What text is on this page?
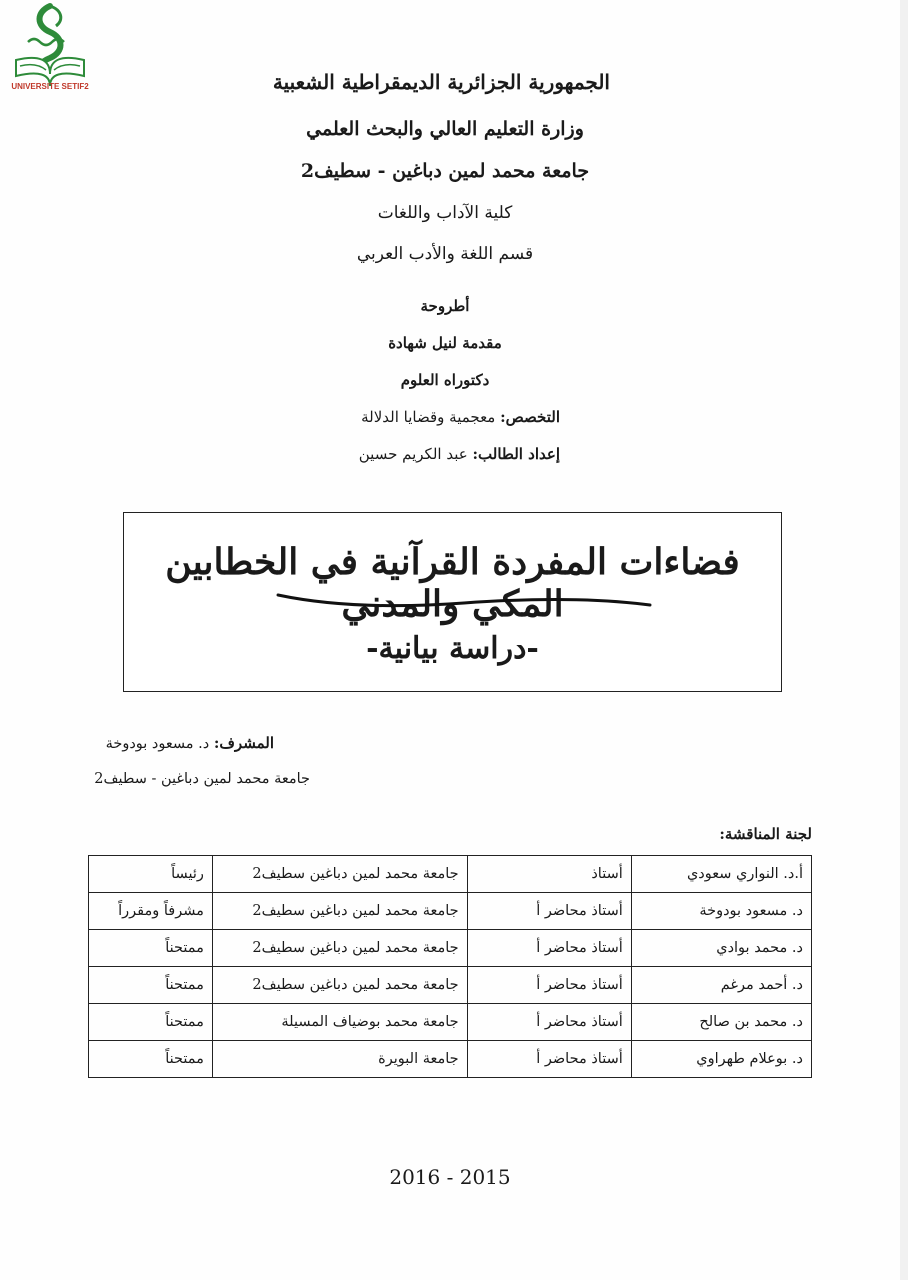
UNIVERSITE SETIF2	الجمهورية الجزائرية الديمقراطية الشعبية
وزارة التعليم العالي والبحث العلمي
جامعة محمد لمين دباغين - سطيف2
كلية الآداب واللغات
قسم اللغة والأدب العربي
أطروحة
مقدمة لنيل شهادة
دكتوراه العلوم
التخصص: معجمية وقضايا الدلالة
إعداد الطالب: عبد الكريم حسين
فضاءات المفردة القرآنية في الخطابين المكي والمدني
-دراسة بيانية-
المشرف: د. مسعود بودوخة
جامعة محمد لمين دباغين - سطيف2
لجنة المناقشة:
أ.د. النواري سعودي	أستاذ	جامعة محمد لمين دباغين سطيف2	رئيساً
د. مسعود بودوخة	أستاذ محاضر أ	جامعة محمد لمين دباغين سطيف2	مشرفاً ومقرراً
د. محمد بوادي	أستاذ محاضر أ	جامعة محمد لمين دباغين سطيف2	ممتحناً
د. أحمد مرغم	أستاذ محاضر أ	جامعة محمد لمين دباغين سطيف2	ممتحناً
د. محمد بن صالح	أستاذ محاضر أ	جامعة محمد بوضياف المسيلة	ممتحناً
د. بوعلام طهراوي	أستاذ محاضر أ	جامعة البويرة	ممتحناً
2016 - 2015
